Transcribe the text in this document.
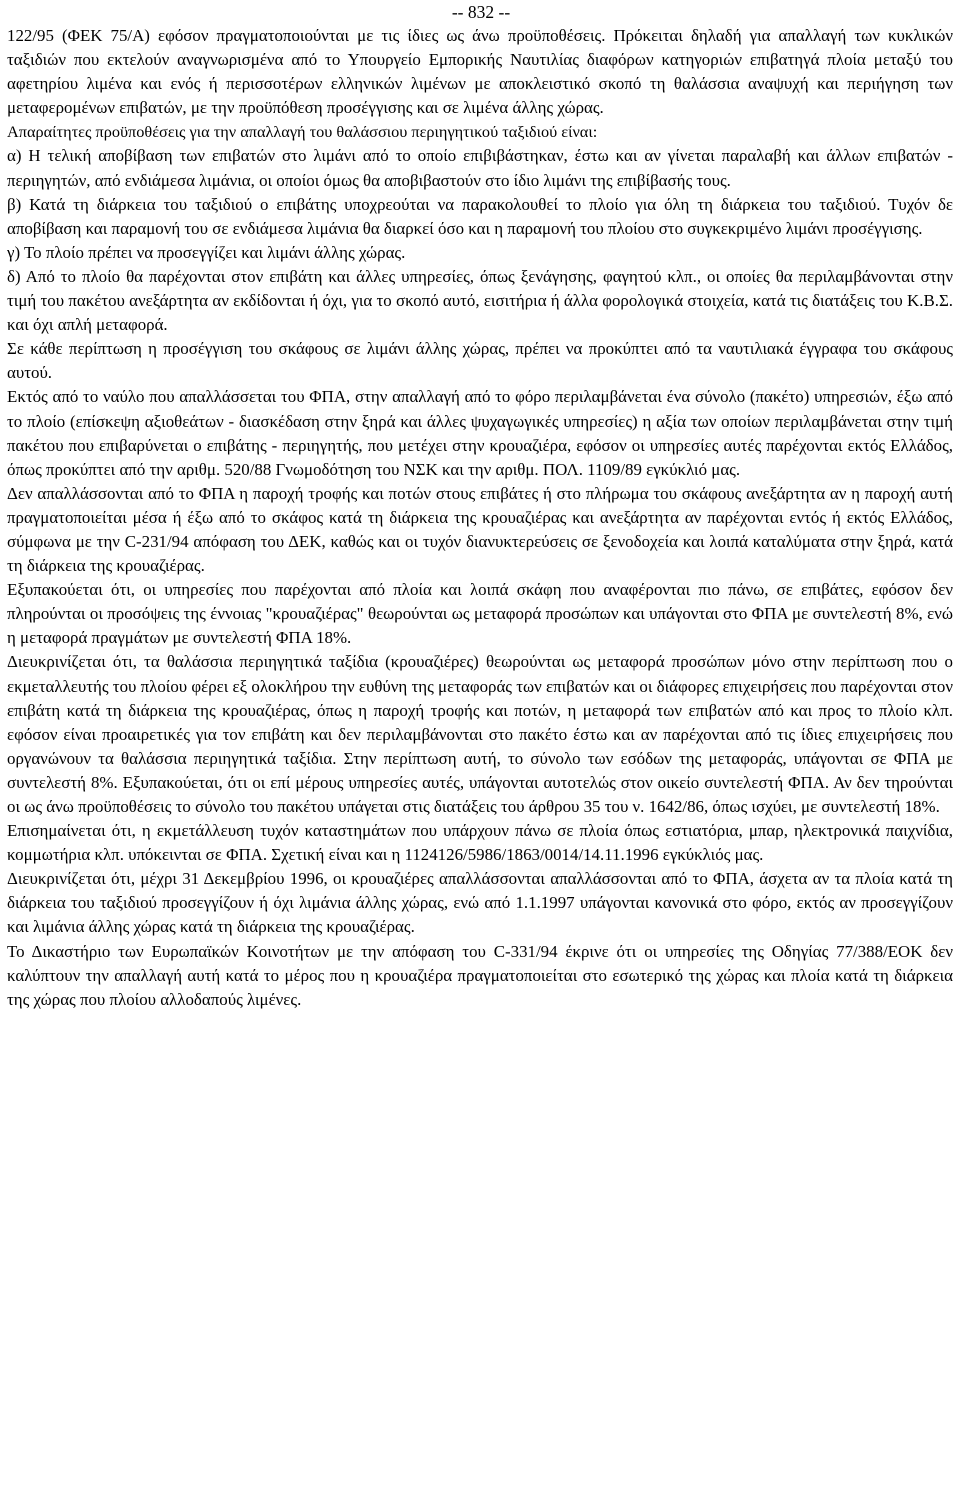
-- 832 --

122/95 (ΦΕΚ 75/Α) εφόσον πραγματοποιούνται με τις ίδιες ως άνω προϋποθέσεις. Πρόκειται δηλαδή για απαλλαγή των κυκλικών ταξιδιών που εκτελούν αναγνωρισμένα από το Υπουργείο Εμπορικής Ναυτιλίας διαφόρων κατηγοριών επιβατηγά πλοία μεταξύ του αφετηρίου λιμένα και ενός ή περισσοτέρων ελληνικών λιμένων με αποκλειστικό σκοπό τη θαλάσσια αναψυχή και περιήγηση των μεταφερομένων επιβατών, με την προϋπόθεση προσέγγισης και σε λιμένα άλλης χώρας.

Απαραίτητες προϋποθέσεις για την απαλλαγή του θαλάσσιου περιηγητικού ταξιδιού είναι:

α) Η τελική αποβίβαση των επιβατών στο λιμάνι από το οποίο επιβιβάστηκαν, έστω και αν γίνεται παραλαβή και άλλων επιβατών - περιηγητών, από ενδιάμεσα λιμάνια, οι οποίοι όμως θα αποβιβαστούν στο ίδιο λιμάνι της επιβίβασής τους.

β) Κατά τη διάρκεια του ταξιδιού ο επιβάτης υποχρεούται να παρακολουθεί το πλοίο για όλη τη διάρκεια του ταξιδιού. Τυχόν δε αποβίβαση και παραμονή του σε ενδιάμεσα λιμάνια θα διαρκεί όσο και η παραμονή του πλοίου στο συγκεκριμένο λιμάνι προσέγγισης.

γ) Το πλοίο πρέπει να προσεγγίζει και λιμάνι άλλης χώρας.

δ) Από το πλοίο θα παρέχονται στον επιβάτη και άλλες υπηρεσίες, όπως ξενάγησης, φαγητού κλπ., οι οποίες θα περιλαμβάνονται στην τιμή του πακέτου ανεξάρτητα αν εκδίδονται ή όχι, για το σκοπό αυτό, εισιτήρια ή άλλα φορολογικά στοιχεία, κατά τις διατάξεις του Κ.Β.Σ. και όχι απλή μεταφορά.

Σε κάθε περίπτωση η προσέγγιση του σκάφους σε λιμάνι άλλης χώρας, πρέπει να προκύπτει από τα ναυτιλιακά έγγραφα του σκάφους αυτού.

Εκτός από το ναύλο που απαλλάσσεται του ΦΠΑ, στην απαλλαγή από το φόρο περιλαμβάνεται ένα σύνολο (πακέτο) υπηρεσιών, έξω από το πλοίο (επίσκεψη αξιοθεάτων - διασκέδαση στην ξηρά και άλλες ψυχαγωγικές υπηρεσίες) η αξία των οποίων περιλαμβάνεται στην τιμή πακέτου που επιβαρύνεται ο επιβάτης - περιηγητής, που μετέχει στην κρουαζιέρα, εφόσον οι υπηρεσίες αυτές παρέχονται εκτός Ελλάδος, όπως προκύπτει από την αριθμ. 520/88 Γνωμοδότηση του ΝΣΚ και την αριθμ. ΠΟΛ. 1109/89 εγκύκλιό μας.

Δεν απαλλάσσονται από το ΦΠΑ η παροχή τροφής και ποτών στους επιβάτες ή στο πλήρωμα του σκάφους ανεξάρτητα αν η παροχή αυτή πραγματοποιείται μέσα ή έξω από το σκάφος κατά τη διάρκεια της κρουαζιέρας και ανεξάρτητα αν παρέχονται εντός ή εκτός Ελλάδος, σύμφωνα με την C-231/94 απόφαση του ΔΕΚ, καθώς και οι τυχόν διανυκτερεύσεις σε ξενοδοχεία και λοιπά καταλύματα στην ξηρά, κατά τη διάρκεια της κρουαζιέρας.

Εξυπακούεται ότι, οι υπηρεσίες που παρέχονται από πλοία και λοιπά σκάφη που αναφέρονται πιο πάνω, σε επιβάτες, εφόσον δεν πληρούνται οι προσόψεις της έννοιας "κρουαζιέρας" θεωρούνται ως μεταφορά προσώπων και υπάγονται στο ΦΠΑ με συντελεστή 8%, ενώ η μεταφορά πραγμάτων με συντελεστή ΦΠΑ 18%.

Διευκρινίζεται ότι, τα θαλάσσια περιηγητικά ταξίδια (κρουαζιέρες) θεωρούνται ως μεταφορά προσώπων μόνο στην περίπτωση που ο εκμεταλλευτής του πλοίου φέρει εξ ολοκλήρου την ευθύνη της μεταφοράς των επιβατών και οι διάφορες επιχειρήσεις που παρέχονται στον επιβάτη κατά τη διάρκεια της κρουαζιέρας, όπως η παροχή τροφής και ποτών, η μεταφορά των επιβατών από και προς το πλοίο κλπ. εφόσον είναι προαιρετικές για τον επιβάτη και δεν περιλαμβάνονται στο πακέτο έστω και αν παρέχονται από τις ίδιες επιχειρήσεις που οργανώνουν τα θαλάσσια περιηγητικά ταξίδια. Στην περίπτωση αυτή, το σύνολο των εσόδων της μεταφοράς, υπάγονται σε ΦΠΑ με συντελεστή 8%. Εξυπακούεται, ότι οι επί μέρους υπηρεσίες αυτές, υπάγονται αυτοτελώς στον οικείο συντελεστή ΦΠΑ. Αν δεν τηρούνται οι ως άνω προϋποθέσεις το σύνολο του πακέτου υπάγεται στις διατάξεις του άρθρου 35 του ν. 1642/86, όπως ισχύει, με συντελεστή 18%.

Επισημαίνεται ότι, η εκμετάλλευση τυχόν καταστημάτων που υπάρχουν πάνω σε πλοία όπως εστιατόρια, μπαρ, ηλεκτρονικά παιχνίδια, κομμωτήρια κλπ. υπόκεινται σε ΦΠΑ. Σχετική είναι και η 1124126/5986/1863/0014/14.11.1996 εγκύκλιός μας.

Διευκρινίζεται ότι, μέχρι 31 Δεκεμβρίου 1996, οι κρουαζιέρες απαλλάσσονται απαλλάσσονται από το ΦΠΑ, άσχετα αν τα πλοία κατά τη διάρκεια του ταξιδιού προσεγγίζουν ή όχι λιμάνια άλλης χώρας, ενώ από 1.1.1997 υπάγονται κανονικά στο φόρο, εκτός αν προσεγγίζουν και λιμάνια άλλης χώρας κατά τη διάρκεια της κρουαζιέρας.

Το Δικαστήριο των Ευρωπαϊκών Κοινοτήτων με την απόφαση του C-331/94 έκρινε ότι οι υπηρεσίες της Οδηγίας 77/388/ΕΟΚ δεν καλύπτουν την απαλλαγή αυτή κατά το μέρος που η κρουαζιέρα πραγματοποιείται στο εσωτερικό της χώρας και πλοία κατά τη διάρκεια της χώρας που πλοίου αλλοδαπούς λιμένες.
